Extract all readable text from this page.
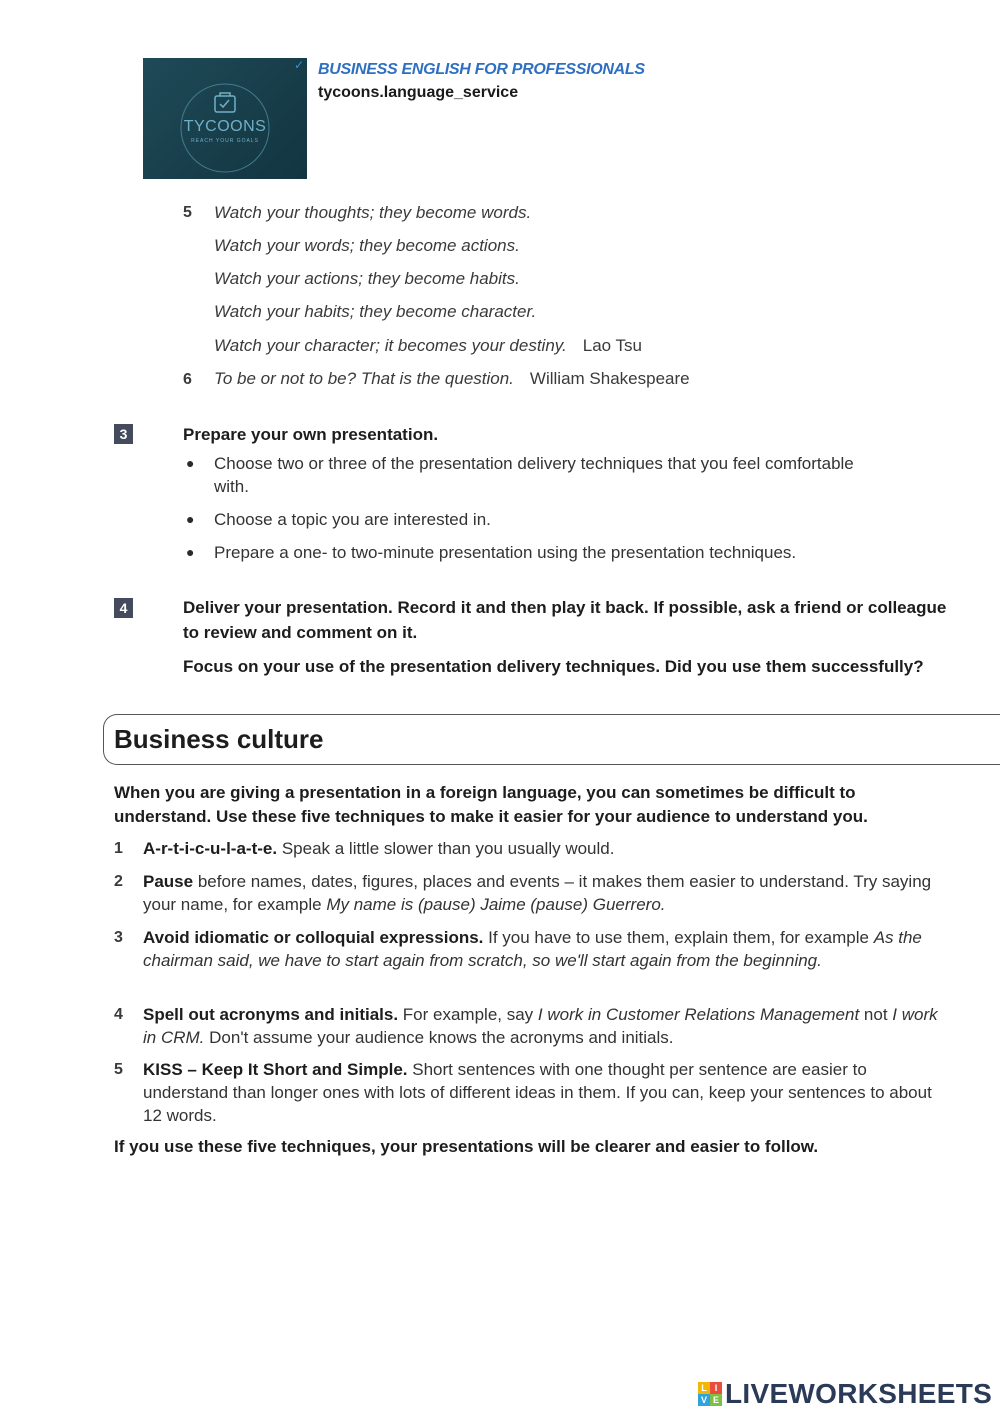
✓
TYCOONS
REACH YOUR GOALS
BUSINESS ENGLISH FOR PROFESSIONALS
tycoons.language_service
5 Watch your thoughts; they become words.
Watch your words; they become actions.
Watch your actions; they become habits.
Watch your habits; they become character.
Watch your character; it becomes your destiny. Lao Tsu
6 To be or not to be? That is the question. William Shakespeare
3	Prepare your own presentation.
● Choose two or three of the presentation delivery techniques that you feel comfortable with.
● Choose a topic you are interested in.
● Prepare a one- to two-minute presentation using the presentation techniques.
4	Deliver your presentation. Record it and then play it back. If possible, ask a friend or colleague to review and comment on it.
Focus on your use of the presentation delivery techniques. Did you use them successfully?
Business culture
When you are giving a presentation in a foreign language, you can sometimes be difficult to understand. Use these five techniques to make it easier for your audience to understand you.
1 A-r-t-i-c-u-l-a-t-e. Speak a little slower than you usually would.
2 Pause before names, dates, figures, places and events – it makes them easier to understand. Try saying your name, for example My name is (pause) Jaime (pause) Guerrero.
3 Avoid idiomatic or colloquial expressions. If you have to use them, explain them, for example As the chairman said, we have to start again from scratch, so we'll start again from the beginning.
4 Spell out acronyms and initials. For example, say I work in Customer Relations Management not I work in CRM. Don't assume your audience knows the acronyms and initials.
5 KISS – Keep It Short and Simple. Short sentences with one thought per sentence are easier to understand than longer ones with lots of different ideas in them. If you can, keep your sentences to about 12 words.
If you use these five techniques, your presentations will be clearer and easier to follow.
L I
V E LIVEWORKSHEETS
